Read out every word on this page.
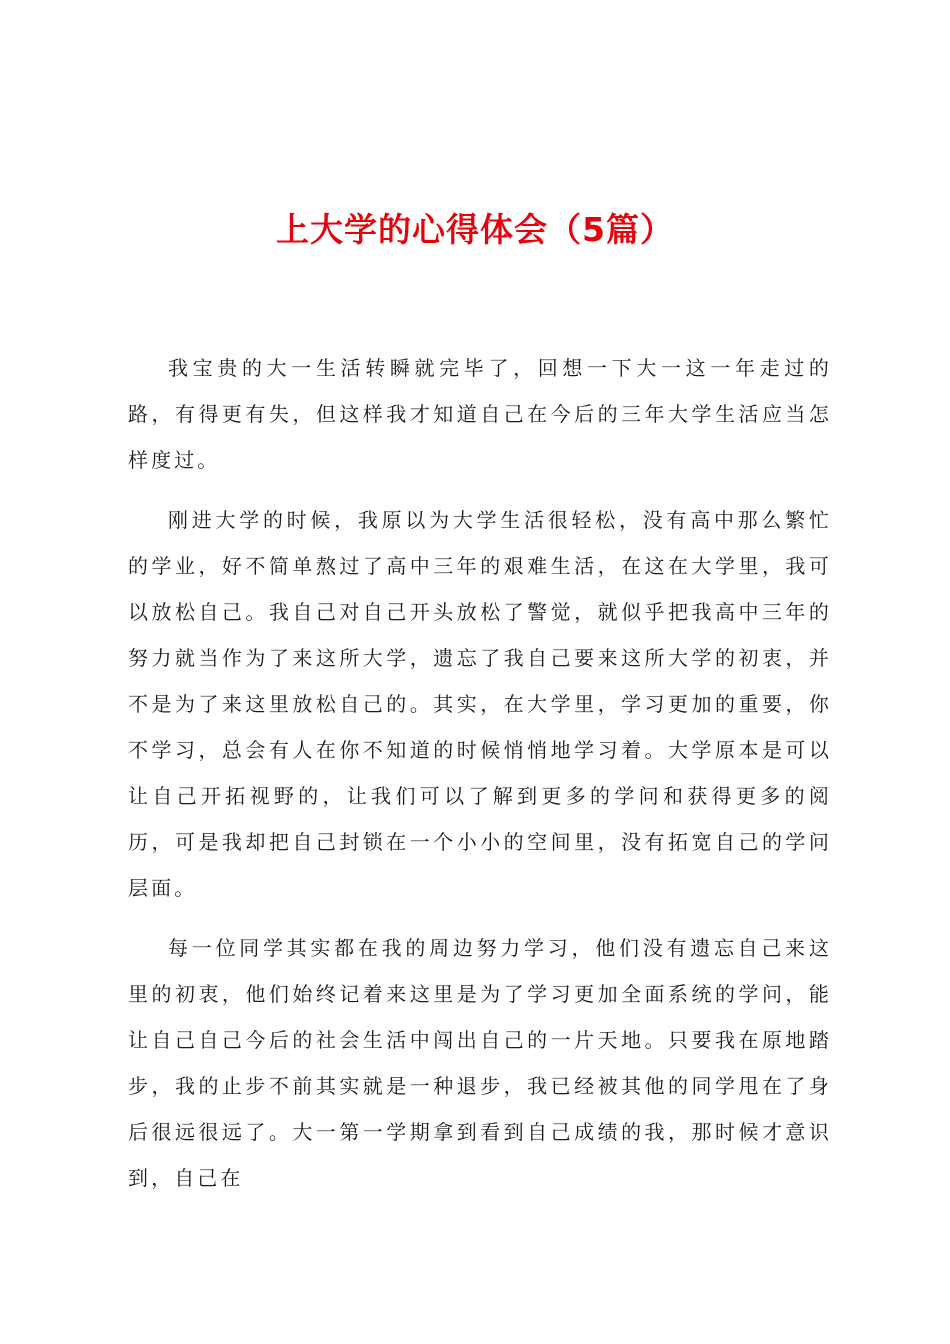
上大学的心得体会（5篇）

我宝贵的大一生活转瞬就完毕了，回想一下大一这一年走过的路，有得更有失，但这样我才知道自己在今后的三年大学生活应当怎样度过。

刚进大学的时候，我原以为大学生活很轻松，没有高中那么繁忙的学业，好不简单熬过了高中三年的艰难生活，在这在大学里，我可以放松自己。我自己对自己开头放松了警觉，就似乎把我高中三年的努力就当作为了来这所大学，遗忘了我自己要来这所大学的初衷，并不是为了来这里放松自己的。其实，在大学里，学习更加的重要，你不学习，总会有人在你不知道的时候悄悄地学习着。大学原本是可以让自己开拓视野的，让我们可以了解到更多的学问和获得更多的阅历，可是我却把自己封锁在一个小小的空间里，没有拓宽自己的学问层面。

每一位同学其实都在我的周边努力学习，他们没有遗忘自己来这里的初衷，他们始终记着来这里是为了学习更加全面系统的学问，能让自己自己今后的社会生活中闯出自己的一片天地。只要我在原地踏步，我的止步不前其实就是一种退步，我已经被其他的同学甩在了身后很远很远了。大一第一学期拿到看到自己成绩的我，那时候才意识到，自己在
